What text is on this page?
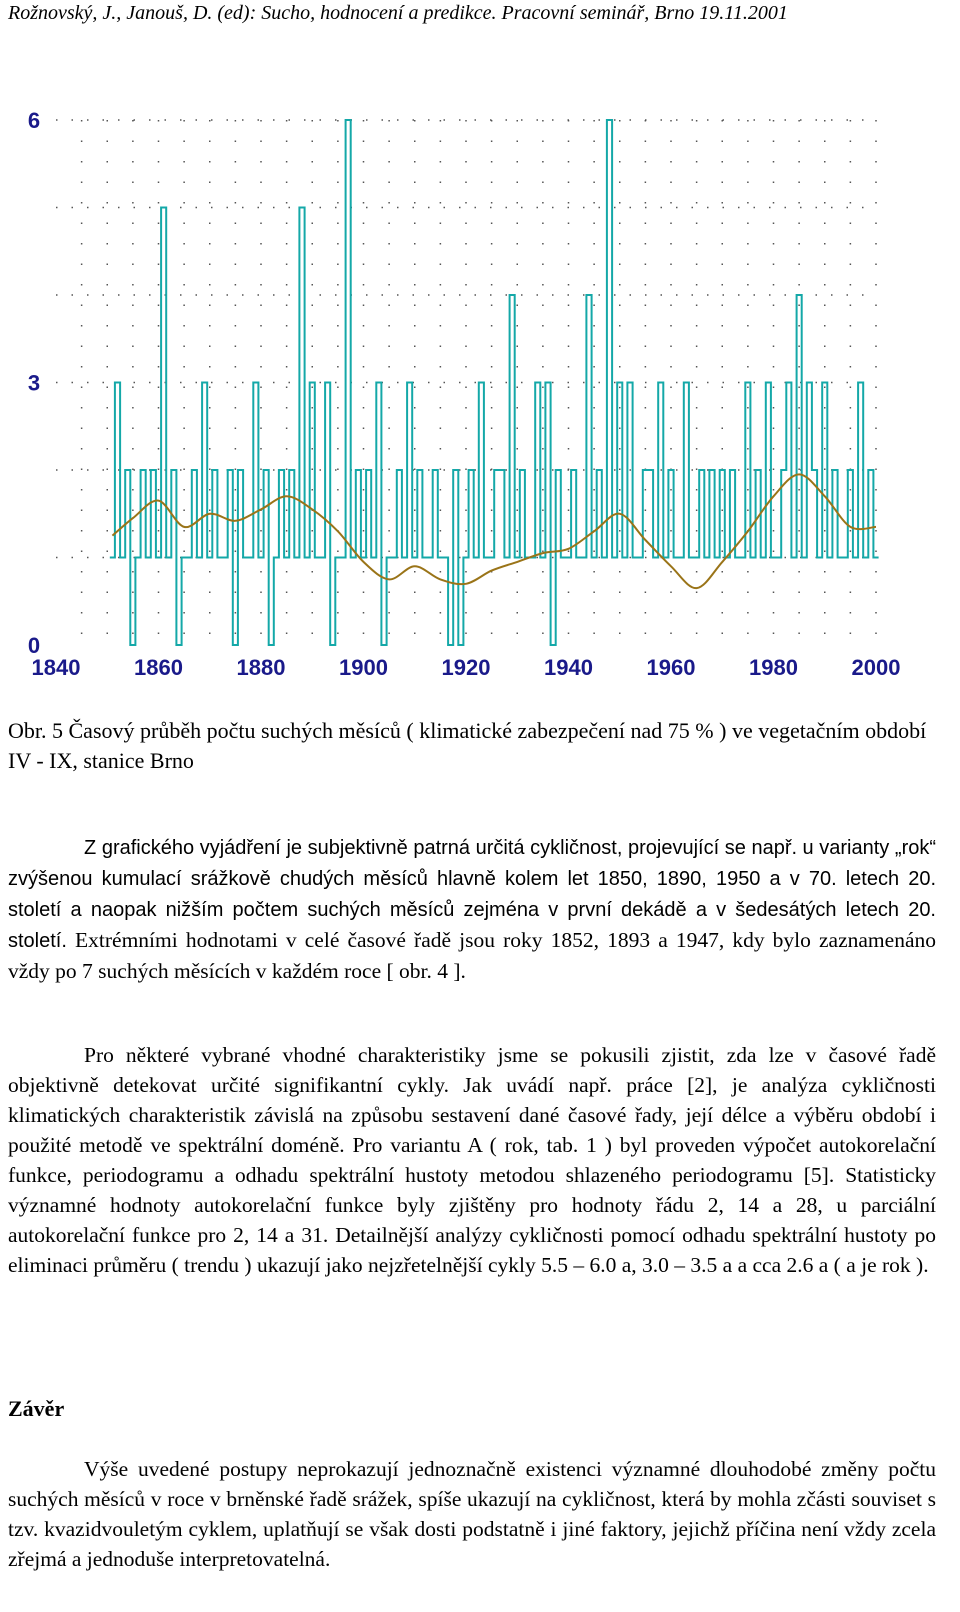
Rožnovský, J., Janouš, D. (ed): Sucho, hodnocení a predikce. Pracovní seminář, Brno 19.11.2001
1840 1860 1880 1900 1920 1940 1960 1980 2000
0
3
6
Obr. 5 Časový průběh počtu suchých měsíců ( klimatické zabezpečení nad 75 % ) ve vegetačním období IV - IX, stanice Brno

Z grafického vyjádření je subjektivně patrná určitá cykličnost, projevující se např. u varianty „rok“ zvýšenou kumulací srážkově chudých měsíců hlavně kolem let 1850, 1890, 1950 a v 70. letech 20. století a naopak nižším počtem suchých měsíců zejména v první dekádě a v šedesátých letech 20. století. Extrémními hodnotami v celé časové řadě jsou roky 1852, 1893 a 1947, kdy bylo zaznamenáno vždy po 7 suchých měsících v každém roce [ obr. 4 ].

Pro některé vybrané vhodné charakteristiky jsme se pokusili zjistit, zda lze v časové řadě objektivně detekovat určité signifikantní cykly. Jak uvádí např. práce [2], je analýza cykličnosti klimatických charakteristik závislá na způsobu sestavení dané časové řady, její délce a výběru období i použité metodě ve spektrální doméně. Pro variantu A ( rok, tab. 1 ) byl proveden výpočet autokorelační funkce, periodogramu a odhadu spektrální hustoty metodou shlazeného periodogramu [5]. Statisticky významné hodnoty autokorelační funkce byly zjištěny pro hodnoty řádu 2, 14 a 28, u parciální autokorelační funkce pro 2, 14 a 31. Detailnější analýzy cykličnosti pomocí odhadu spektrální hustoty po eliminaci průměru ( trendu ) ukazují jako nejzřetelnější cykly 5.5 – 6.0 a, 3.0 – 3.5 a a cca 2.6 a ( a je rok ).

Závěr

Výše uvedené postupy neprokazují jednoznačně existenci významné dlouhodobé změny počtu suchých měsíců v roce v brněnské řadě srážek, spíše ukazují na cykličnost, která by mohla zčásti souviset s tzv. kvazidvouletým cyklem, uplatňují se však dosti podstatně i jiné faktory, jejichž příčina není vždy zcela zřejmá a jednoduše interpretovatelná.
